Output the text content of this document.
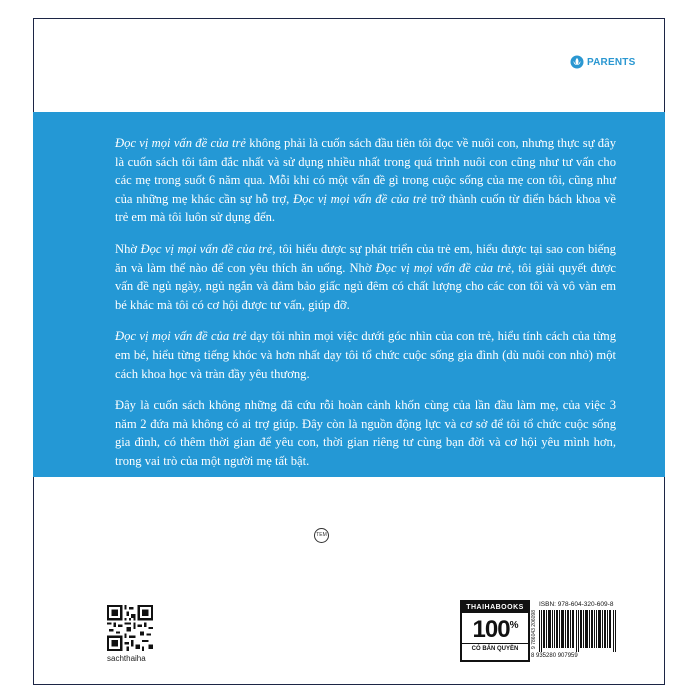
PARENTS

Đọc vị mọi vấn đề của trẻ không phải là cuốn sách đầu tiên tôi đọc về nuôi con, nhưng thực sự đây là cuốn sách tôi tâm đắc nhất và sử dụng nhiều nhất trong quá trình nuôi con cũng như tư vấn cho các mẹ trong suốt 6 năm qua. Mỗi khi có một vấn đề gì trong cuộc sống của mẹ con tôi, cũng như của những mẹ khác cần sự hỗ trợ, Đọc vị mọi vấn đề của trẻ trở thành cuốn từ điển bách khoa về trẻ em mà tôi luôn sử dụng đến.

Nhờ Đọc vị mọi vấn đề của trẻ, tôi hiểu được sự phát triển của trẻ em, hiểu được tại sao con biếng ăn và làm thế nào để con yêu thích ăn uống. Nhờ Đọc vị mọi vấn đề của trẻ, tôi giải quyết được vấn đề ngủ ngày, ngủ ngắn và đảm bảo giấc ngủ đêm có chất lượng cho các con tôi và vô vàn em bé khác mà tôi có cơ hội được tư vấn, giúp đỡ.

Đọc vị mọi vấn đề của trẻ dạy tôi nhìn mọi việc dưới góc nhìn của con trẻ, hiểu tính cách của từng em bé, hiểu từng tiếng khóc và hơn nhất dạy tôi tổ chức cuộc sống gia đình (dù nuôi con nhỏ) một cách khoa học và tràn đầy yêu thương.

Đây là cuốn sách không những đã cứu rỗi hoàn cảnh khốn cùng của lần đầu làm mẹ, của việc 3 năm 2 đứa mà không có ai trợ giúp. Đây còn là nguồn động lực và cơ sở để tôi tổ chức cuộc sống gia đình, có thêm thời gian để yêu con, thời gian riêng tư cùng bạn đời và cơ hội yêu mình hơn, trong vai trò của một người mẹ tất bật.

Hachun Lyonnet, đồng tác giả Nuôi con không phải là cuộc chiến

TEM
sachthaiha
THAIHABOOKS
100%
CÓ BẢN QUYỀN
ISBN: 978-604-320-609-8
9 786043 206098
8 935280 907959
